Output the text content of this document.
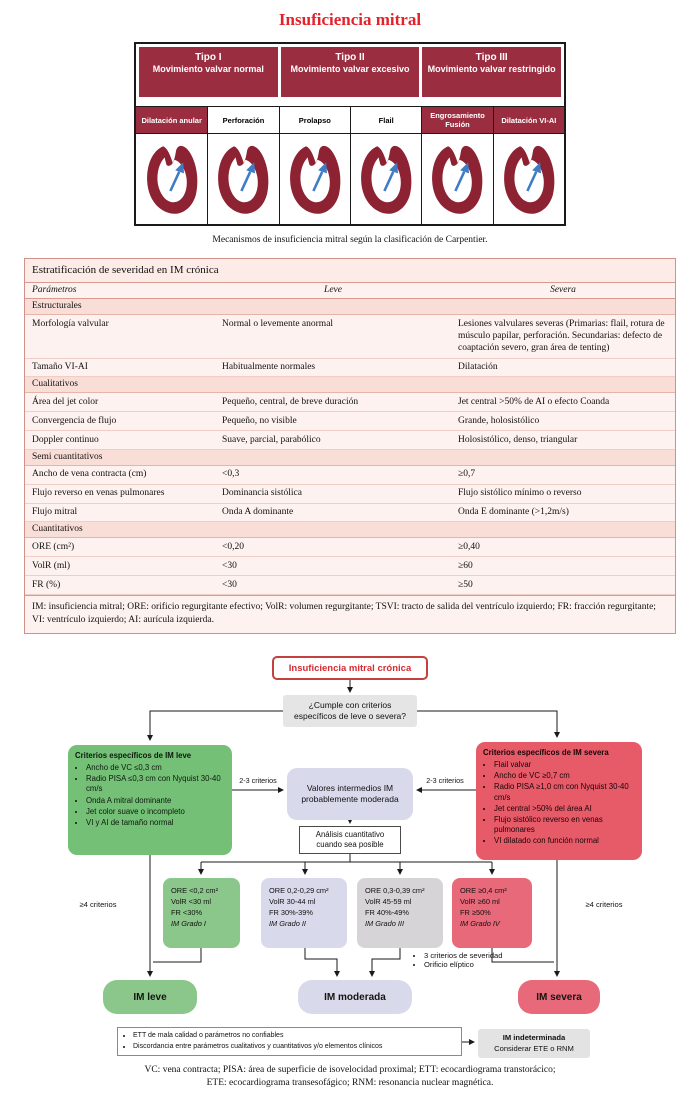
Insuficiencia mitral
Tipo I
Movimiento valvar normal
Tipo II
Movimiento valvar excesivo
Tipo III
Movimiento valvar restringido
Dilatación anular	Perforación	Prolapso	Flail	Engrosamiento Fusión	Dilatación VI-AI
Mecanismos de insuficiencia mitral según la clasificación de Carpentier.
Estratificación de severidad en IM crónica
Parámetros	Leve	Severa
Estructurales
Morfología valvular	Normal o levemente anormal	Lesiones valvulares severas (Primarias: flail, rotura de músculo papilar, perforación. Secundarias: defecto de coaptación severo, gran área de tenting)
Tamaño VI-AI	Habitualmente normales	Dilatación
Cualitativos
Área del jet color	Pequeño, central, de breve duración	Jet central >50% de AI o efecto Coanda
Convergencia de flujo	Pequeño, no visible	Grande, holosistólico
Doppler continuo	Suave, parcial, parabólico	Holosistólico, denso, triangular
Semi cuantitativos
Ancho de vena contracta (cm)	<0,3	≥0,7
Flujo reverso en venas pulmonares	Dominancia sistólica	Flujo sistólico mínimo o reverso
Flujo mitral	Onda A dominante	Onda E dominante (>1,2m/s)
Cuantitativos
ORE (cm²)	<0,20	≥0,40
VolR (ml)	<30	≥60
FR (%)	<30	≥50
IM: insuficiencia mitral; ORE: orificio regurgitante efectivo; VolR: volumen regurgitante; TSVI: tracto de salida del ventrículo izquierdo; FR: fracción regurgitante; VI: ventrículo izquierdo; AI: aurícula izquierda.
Insuficiencia mitral crónica
¿Cumple con criterios específicos de leve o severa?
Criterios específicos de IM leve
• Ancho de VC ≤0,3 cm
• Radio PISA ≤0,3 cm con Nyquist 30-40 cm/s
• Onda A mitral dominante
• Jet color suave o incompleto
• VI y AI de tamaño normal
Criterios específicos de IM severa
• Flail valvar
• Ancho de VC ≥0,7 cm
• Radio PISA ≥1,0 cm con Nyquist 30-40 cm/s
• Jet central >50% del área AI
• Flujo sistólico reverso en venas pulmonares
• VI dilatado con función normal
Valores intermedios IM probablemente moderada
2-3 criterios	2-3 criterios
Análisis cuantitativo cuando sea posible
ORE <0,2 cm²
VolR <30 ml
FR <30%
IM Grado I
ORE 0,2-0,29 cm²
VolR 30-44 ml
FR 30%-39%
IM Grado II
ORE 0,3-0,39 cm²
VolR 45-59 ml
FR 40%-49%
IM Grado III
ORE ≥0,4 cm²
VolR ≥60 ml
FR ≥50%
IM Grado IV
≥4 criterios	≥4 criterios
• 3 criterios de severidad
• Orificio elíptico
IM leve	IM moderada	IM severa
• ETT de mala calidad o parámetros no confiables
• Discordancia entre parámetros cualitativos y cuantitativos y/o elementos clínicos
IM indeterminada
Considerar ETE o RNM
VC: vena contracta; PISA: área de superficie de isovelocidad proximal; ETT: ecocardiograma transtorácico;
ETE: ecocardiograma transesofágico; RNM: resonancia nuclear magnética.
